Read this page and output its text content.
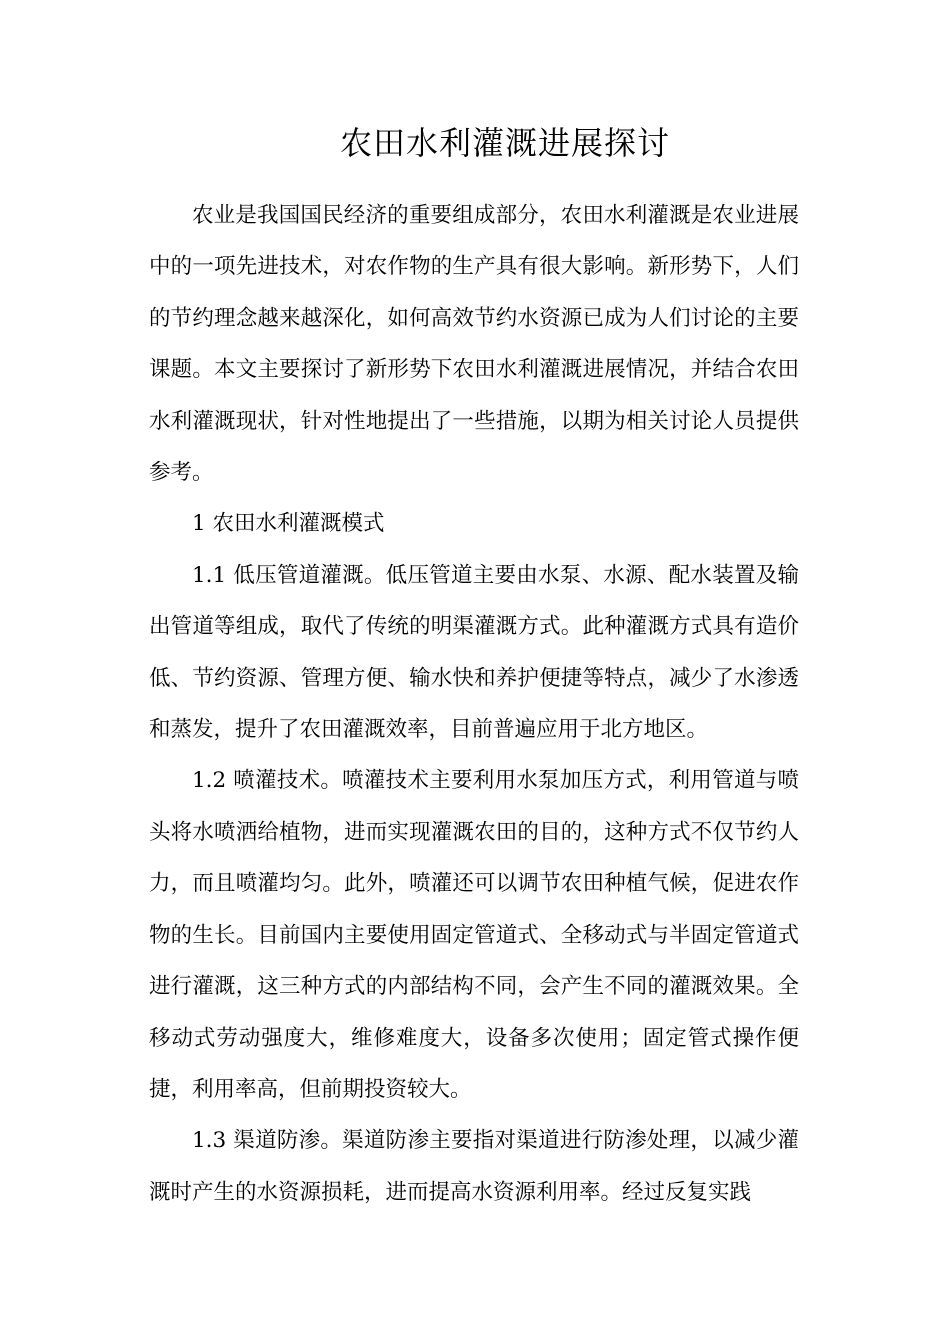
农田水利灌溉进展探讨

农业是我国国民经济的重要组成部分，农田水利灌溉是农业进展中的一项先进技术，对农作物的生产具有很大影响。新形势下，人们的节约理念越来越深化，如何高效节约水资源已成为人们讨论的主要课题。本文主要探讨了新形势下农田水利灌溉进展情况，并结合农田水利灌溉现状，针对性地提出了一些措施，以期为相关讨论人员提供参考。

1 农田水利灌溉模式

1.1 低压管道灌溉。低压管道主要由水泵、水源、配水装置及输出管道等组成，取代了传统的明渠灌溉方式。此种灌溉方式具有造价低、节约资源、管理方便、输水快和养护便捷等特点，减少了水渗透和蒸发，提升了农田灌溉效率，目前普遍应用于北方地区。

1.2 喷灌技术。喷灌技术主要利用水泵加压方式，利用管道与喷头将水喷洒给植物，进而实现灌溉农田的目的，这种方式不仅节约人力，而且喷灌均匀。此外，喷灌还可以调节农田种植气候，促进农作物的生长。目前国内主要使用固定管道式、全移动式与半固定管道式进行灌溉，这三种方式的内部结构不同，会产生不同的灌溉效果。全移动式劳动强度大，维修难度大，设备多次使用；固定管式操作便捷，利用率高，但前期投资较大。

1.3 渠道防渗。渠道防渗主要指对渠道进行防渗处理，以减少灌溉时产生的水资源损耗，进而提高水资源利用率。经过反复实践
